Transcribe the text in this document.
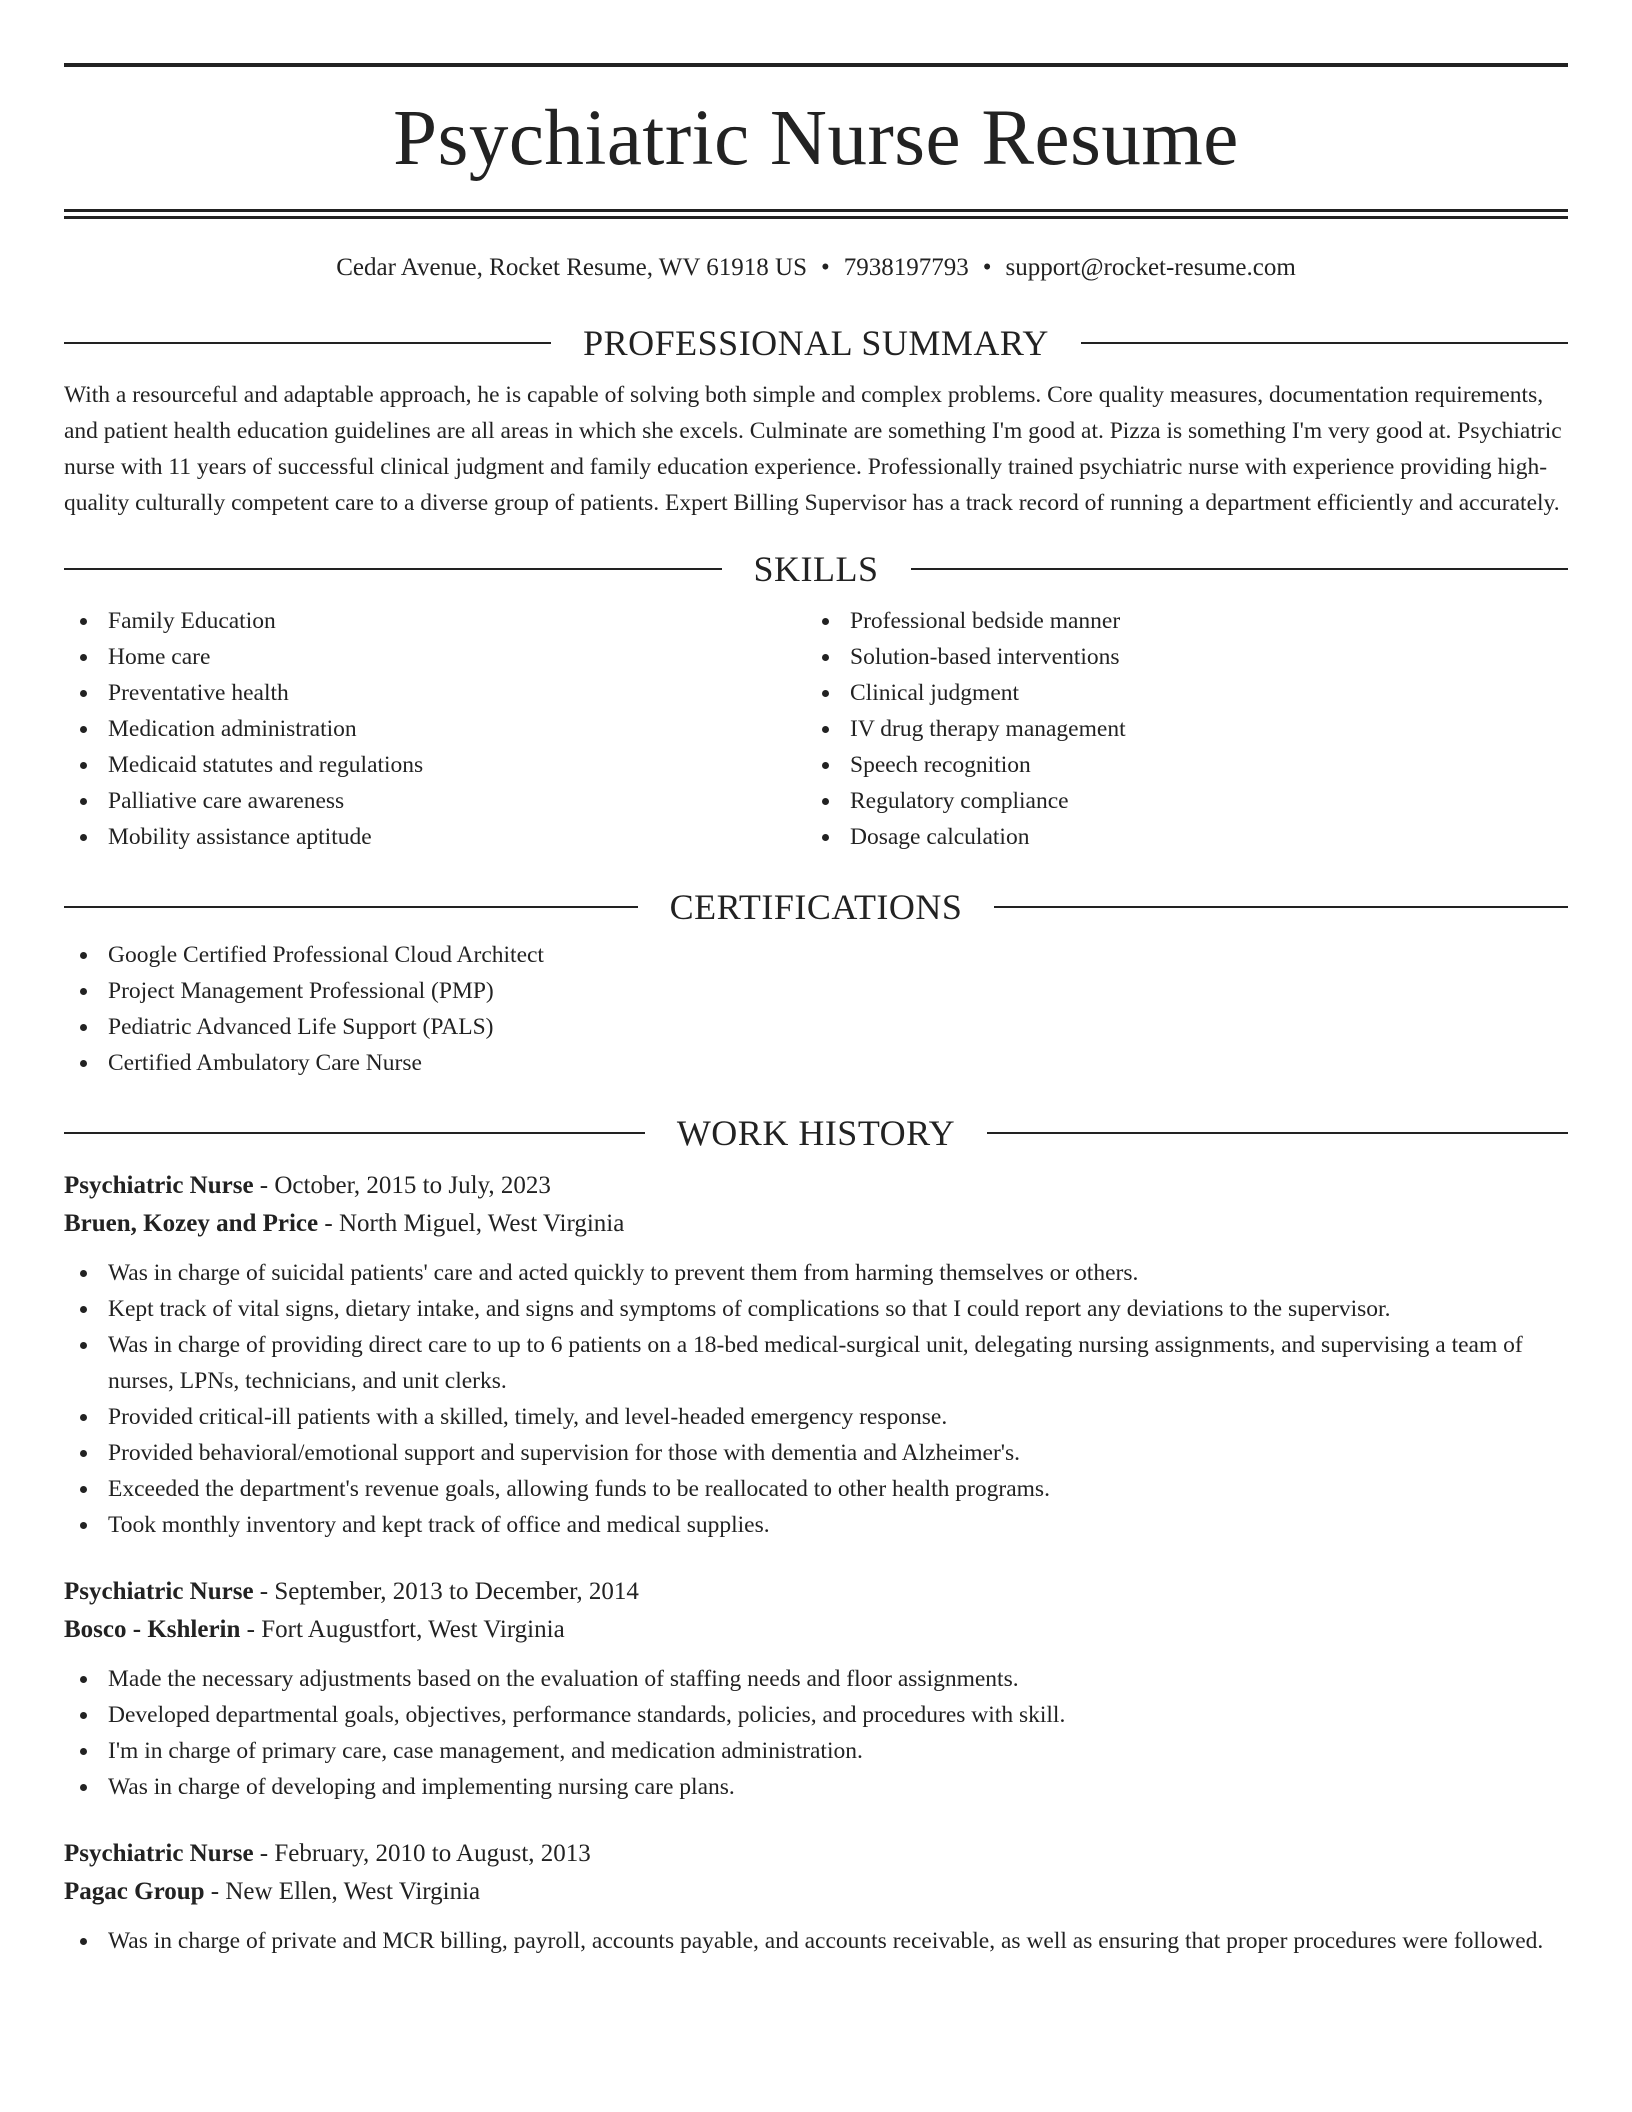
Psychiatric Nurse Resume
Cedar Avenue, Rocket Resume, WV 61918 US • 7938197793 • support@rocket-resume.com
PROFESSIONAL SUMMARY

With a resourceful and adaptable approach, he is capable of solving both simple and complex problems. Core quality measures, documentation requirements, and patient health education guidelines are all areas in which she excels. Culminate are something I'm good at. Pizza is something I'm very good at. Psychiatric nurse with 11 years of successful clinical judgment and family education experience. Professionally trained psychiatric nurse with experience providing high-quality culturally competent care to a diverse group of patients. Expert Billing Supervisor has a track record of running a department efficiently and accurately.

SKILLS
Family Education
Home care
Preventative health
Medication administration
Medicaid statutes and regulations
Palliative care awareness
Mobility assistance aptitude
Professional bedside manner
Solution-based interventions
Clinical judgment
IV drug therapy management
Speech recognition
Regulatory compliance
Dosage calculation
CERTIFICATIONS
Google Certified Professional Cloud Architect
Project Management Professional (PMP)
Pediatric Advanced Life Support (PALS)
Certified Ambulatory Care Nurse
WORK HISTORY
Psychiatric Nurse - October, 2015 to July, 2023
Bruen, Kozey and Price - North Miguel, West Virginia
Was in charge of suicidal patients' care and acted quickly to prevent them from harming themselves or others.
Kept track of vital signs, dietary intake, and signs and symptoms of complications so that I could report any deviations to the supervisor.
Was in charge of providing direct care to up to 6 patients on a 18-bed medical-surgical unit, delegating nursing assignments, and supervising a team of nurses, LPNs, technicians, and unit clerks.
Provided critical-ill patients with a skilled, timely, and level-headed emergency response.
Provided behavioral/emotional support and supervision for those with dementia and Alzheimer's.
Exceeded the department's revenue goals, allowing funds to be reallocated to other health programs.
Took monthly inventory and kept track of office and medical supplies.
Psychiatric Nurse - September, 2013 to December, 2014
Bosco - Kshlerin - Fort Augustfort, West Virginia
Made the necessary adjustments based on the evaluation of staffing needs and floor assignments.
Developed departmental goals, objectives, performance standards, policies, and procedures with skill.
I'm in charge of primary care, case management, and medication administration.
Was in charge of developing and implementing nursing care plans.
Psychiatric Nurse - February, 2010 to August, 2013
Pagac Group - New Ellen, West Virginia
Was in charge of private and MCR billing, payroll, accounts payable, and accounts receivable, as well as ensuring that proper procedures were followed.
